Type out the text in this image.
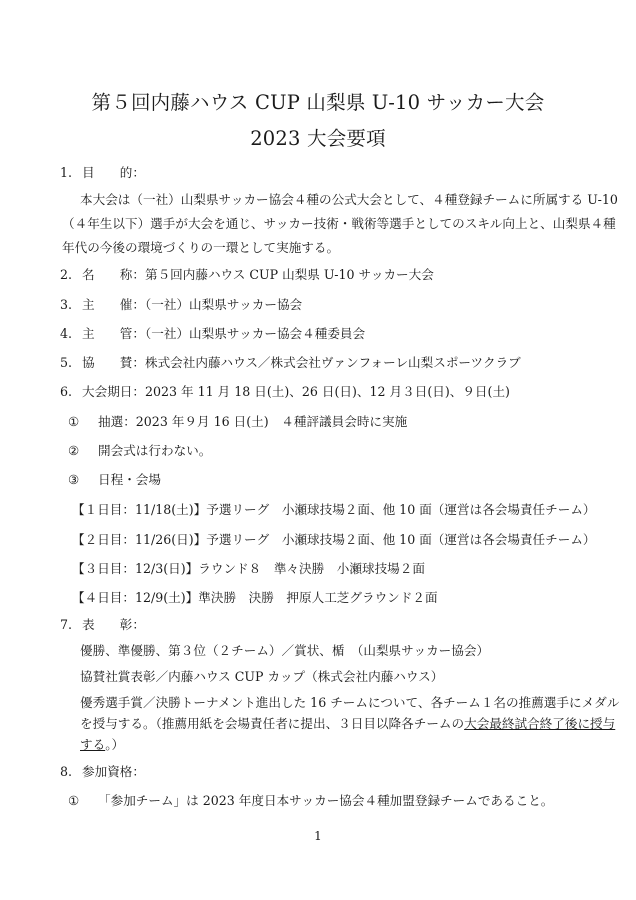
第５回内藤ハウス CUP 山梨県 U-10 サッカー大会
2023 大会要項
1. 目　　的：
本大会は（一社）山梨県サッカー協会４種の公式大会として、４種登録チームに所属する U-10
（４年生以下）選手が大会を通じ、サッカー技術・戦術等選手としてのスキル向上と、山梨県４種
年代の今後の環境づくりの一環として実施する。
2. 名　　称：第５回内藤ハウス CUP 山梨県 U-10 サッカー大会
3. 主　　催：（一社）山梨県サッカー協会
4. 主　　管：（一社）山梨県サッカー協会４種委員会
5. 協　　賛：株式会社内藤ハウス／株式会社ヴァンフォーレ山梨スポーツクラブ
6. 大会期日：2023 年 11 月 18 日(土)、26 日(日)、12 月３日(日)、９日(土)
① 抽選：2023 年９月 16 日(土)　４種評議員会時に実施
② 開会式は行わない。
③ 日程・会場
【１日目：11/18(土)】予選リーグ　小瀬球技場２面、他 10 面（運営は各会場責任チーム）
【２日目：11/26(日)】予選リーグ　小瀬球技場２面、他 10 面（運営は各会場責任チーム）
【３日目：12/3(日)】ラウンド８　準々決勝　小瀬球技場２面
【４日目：12/9(土)】準決勝　決勝　押原人工芝グラウンド２面
7. 表　　彰：
優勝、準優勝、第３位（２チーム）／賞状、楯　（山梨県サッカー協会）
協賛社賞表彰／内藤ハウス CUP カップ（株式会社内藤ハウス）
優秀選手賞／決勝トーナメント進出した 16 チームについて、各チーム１名の推薦選手にメダル
を授与する。（推薦用紙を会場責任者に提出、３日目以降各チームの大会最終試合終了後に授与
する。）
8. 参加資格：
① 「参加チーム」は 2023 年度日本サッカー協会４種加盟登録チームであること。
1
